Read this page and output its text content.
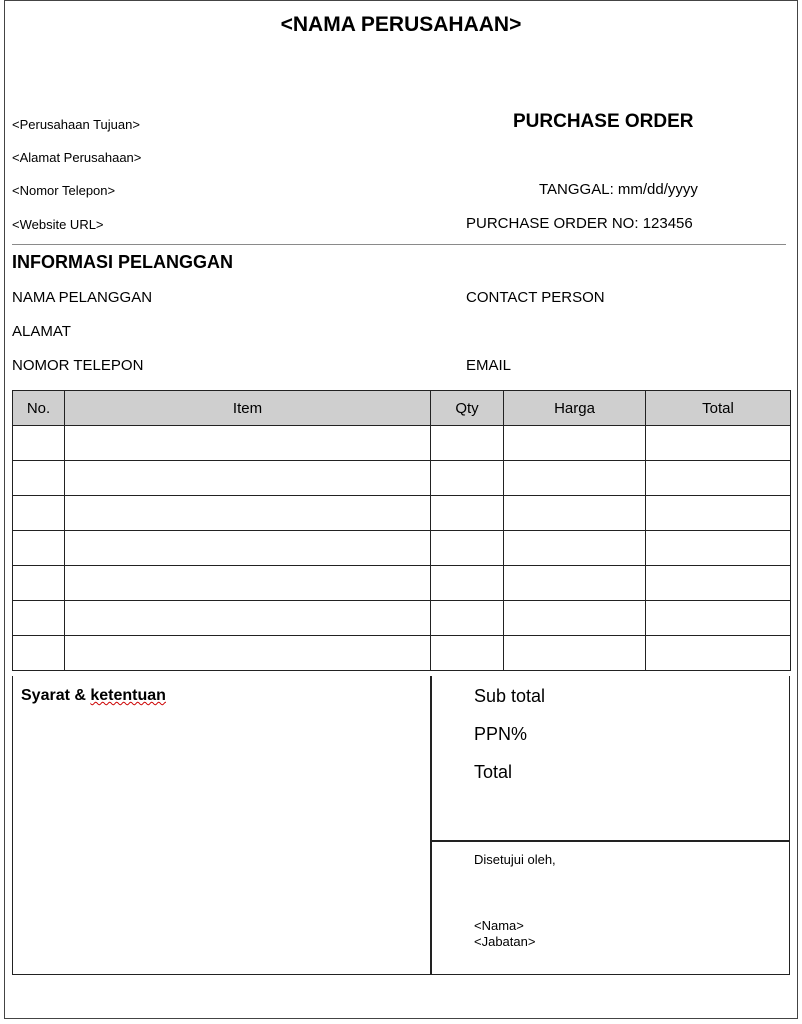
<NAMA PERUSAHAAN>
<Perusahaan Tujuan>
<Alamat Perusahaan>
<Nomor Telepon>
<Website URL>
PURCHASE ORDER
TANGGAL: mm/dd/yyyy
PURCHASE ORDER NO: 123456
INFORMASI PELANGGAN
NAMA PELANGGAN	CONTACT PERSON
ALAMAT
NOMOR TELEPON	EMAIL
No.	Item	Qty	Harga	Total

Syarat & ketentuan	Sub total
PPN%
Total
Disetujui oleh,
<Nama>
<Jabatan>
